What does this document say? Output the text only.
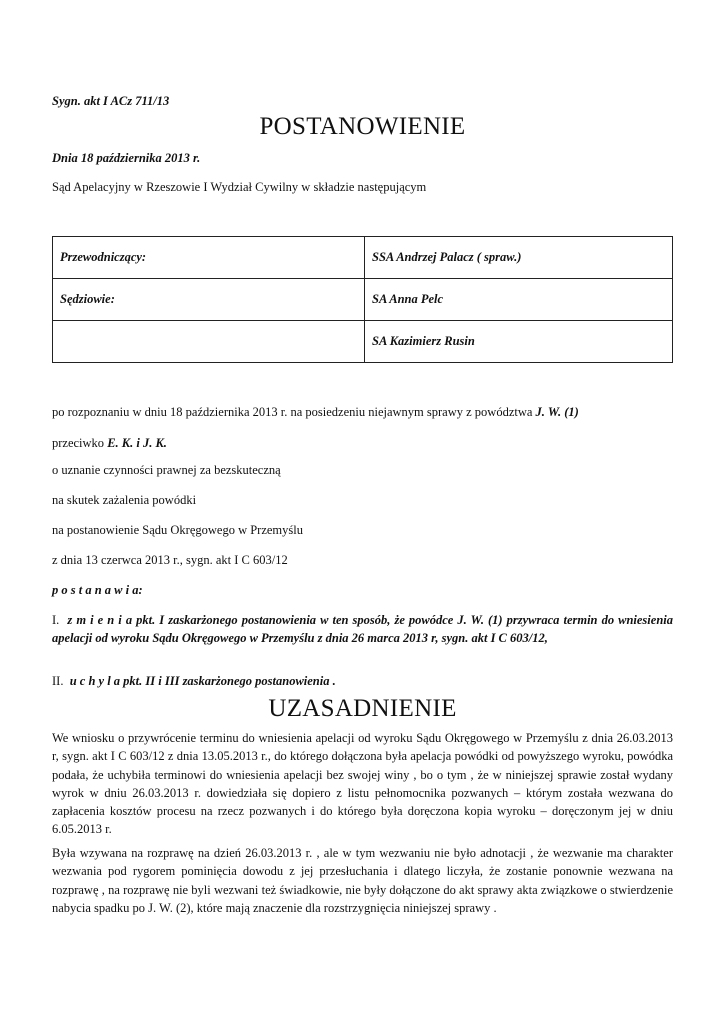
Sygn. akt I ACz 711/13
POSTANOWIENIE
Dnia 18 października 2013 r.
Sąd Apelacyjny w Rzeszowie I Wydział Cywilny w składzie następującym
Przewodniczący:	SSA Andrzej Palacz ( spraw.)
Sędziowie:	SA Anna Pelc
	SA Kazimierz Rusin
po rozpoznaniu w dniu 18 października 2013 r. na posiedzeniu niejawnym sprawy z powództwa J. W. (1)
przeciwko E. K. i J. K.
o uznanie czynności prawnej za bezskuteczną
na skutek zażalenia powódki
na postanowienie Sądu Okręgowego w Przemyślu
z dnia 13 czerwca 2013 r., sygn. akt I C 603/12
p o s t a n a w i a:
I. z m i e n i a pkt. I zaskarżonego postanowienia w ten sposób, że powódce J. W. (1) przywraca termin do wniesienia apelacji od wyroku Sądu Okręgowego w Przemyślu z dnia 26 marca 2013 r, sygn. akt I C 603/12,
II. u c h y l a pkt. II i III zaskarżonego postanowienia .
UZASADNIENIE
We wniosku o przywrócenie terminu do wniesienia apelacji od wyroku Sądu Okręgowego w Przemyślu z dnia 26.03.2013 r, sygn. akt I C 603/12 z dnia 13.05.2013 r., do którego dołączona była apelacja powódki od powyższego wyroku, powódka podała, że uchybiła terminowi do wniesienia apelacji bez swojej winy , bo o tym , że w niniejszej sprawie został wydany wyrok w dniu 26.03.2013 r. dowiedziała się dopiero z listu pełnomocnika pozwanych – którym została wezwana do zapłacenia kosztów procesu na rzecz pozwanych i do którego była doręczona kopia wyroku – doręczonym jej w dniu 6.05.2013 r.
Była wzywana na rozprawę na dzień 26.03.2013 r. , ale w tym wezwaniu nie było adnotacji , że wezwanie ma charakter wezwania pod rygorem pominięcia dowodu z jej przesłuchania i dlatego liczyła, że zostanie ponownie wezwana na rozprawę , na rozprawę nie byli wezwani też świadkowie, nie były dołączone do akt sprawy akta związkowe o stwierdzenie nabycia spadku po J. W. (2), które mają znaczenie dla rozstrzygnięcia niniejszej sprawy .
